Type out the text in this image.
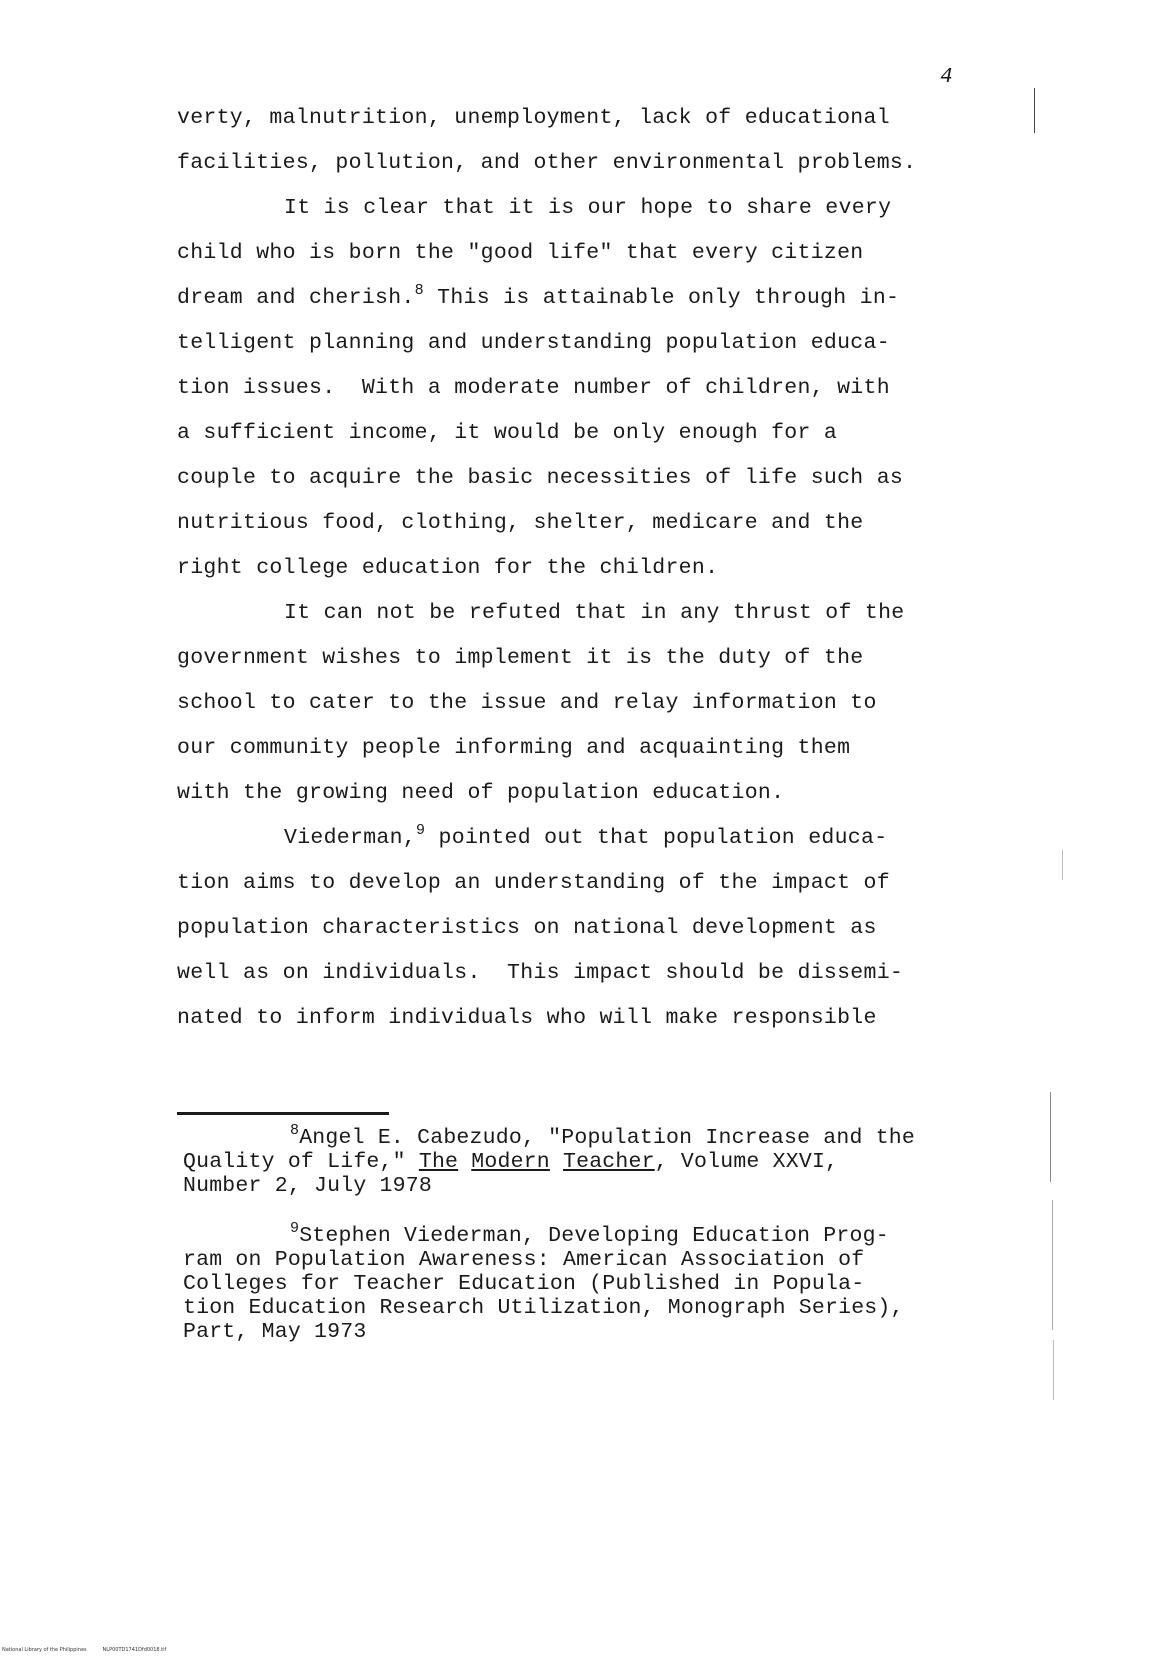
4
verty, malnutrition, unemployment, lack of educational
facilities, pollution, and other environmental problems.
It is clear that it is our hope to share every
child who is born the "good life" that every citizen
dream and cherish.$^8$ This is attainable only through in-
telligent planning and understanding population educa-
tion issues.  With a moderate number of children, with
a sufficient income, it would be only enough for a
couple to acquire the basic necessities of life such as
nutritious food, clothing, shelter, medicare and the
right college education for the children.
It can not be refuted that in any thrust of the
government wishes to implement it is the duty of the
school to cater to the issue and relay information to
our community people informing and acquainting them
with the growing need of population education.
Viederman,$^9$ pointed out that population educa-
tion aims to develop an understanding of the impact of
population characteristics on national development as
well as on individuals.  This impact should be dissemi-
nated to inform individuals who will make responsible
$^8$Angel E. Cabezudo, "Population Increase and the
Quality of Life," The Modern Teacher, Volume XXVI,
Number 2, July 1978
$^9$Stephen Viederman, Developing Education Prog-
ram on Population Awareness: American Association of
Colleges for Teacher Education (Published in Popula-
tion Education Research Utilization, Monograph Series),
Part, May 1973
National Library of the Philippines	NLP00TD1741Dfd0018.tif
